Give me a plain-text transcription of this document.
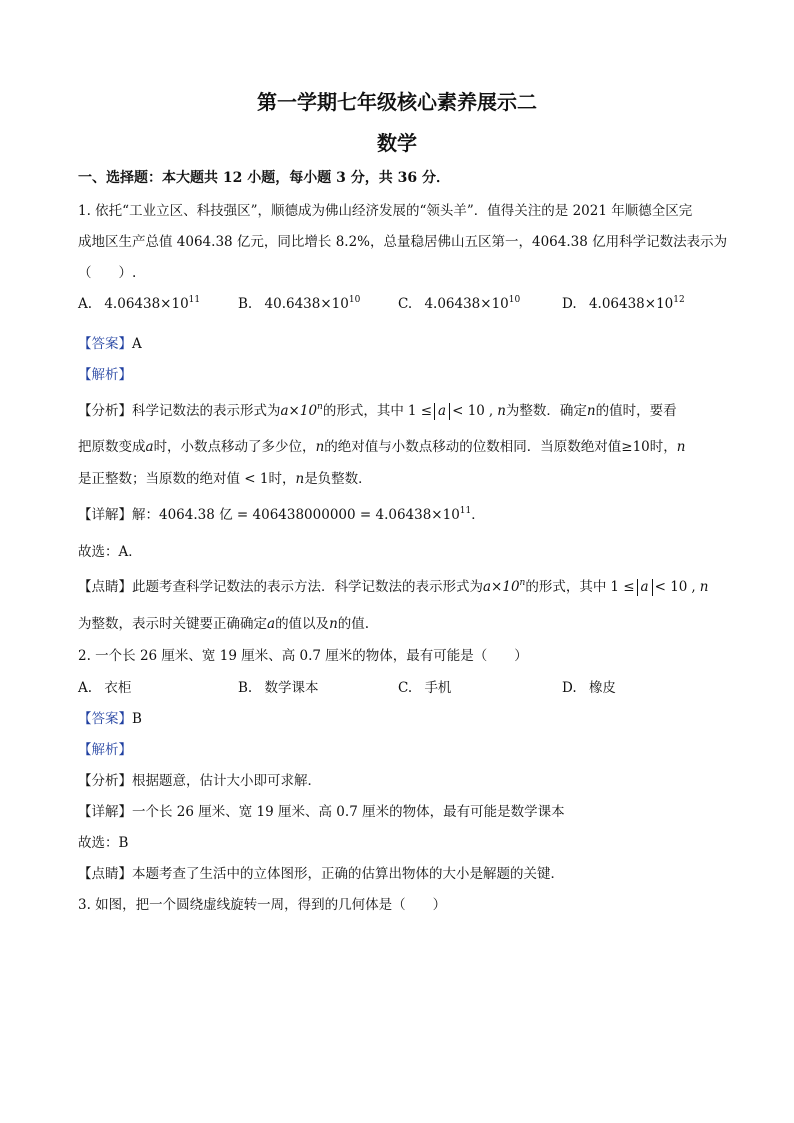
第一学期七年级核心素养展示二
数学
一、选择题：本大题共 12 小题，每小题 3 分，共 36 分．
1. 依托“工业立区、科技强区”，顺德成为佛山经济发展的“领头羊”．值得关注的是 2021 年顺德全区完
成地区生产总值 4064.38 亿元，同比增长 8.2%，总量稳居佛山五区第一，4064.38 亿用科学记数法表示为
（　　）.
A. $4.06438\times 10^{11}$	B. $40.6438\times 10^{10}$	C. $4.06438\times 10^{10}$	D. $4.06438\times 10^{12}$
【答案】A
【解析】
【分析】科学记数法的表示形式为$a\times 10^n$的形式，其中 1 ≤ a < 10 , n为整数．确定n的值时，要看
把原数变成a时，小数点移动了多少位，n的绝对值与小数点移动的位数相同．当原数绝对值≥10时，n
是正整数；当原数的绝对值 < 1时，n是负整数．
【详解】解：4064.38 亿 = $406438000000 = 4.06438\times 10^{11}$．
故选：A．
【点睛】此题考查科学记数法的表示方法．科学记数法的表示形式为$a\times 10^n$的形式，其中 1 ≤ a < 10 , n
为整数，表示时关键要正确确定a的值以及n的值.
2. 一个长 26 厘米、宽 19 厘米、高 0.7 厘米的物体，最有可能是（　　）
A. 衣柜	B. 数学课本	C. 手机	D. 橡皮
【答案】B
【解析】
【分析】根据题意，估计大小即可求解．
【详解】一个长 26 厘米、宽 19 厘米、高 0.7 厘米的物体，最有可能是数学课本
故选：B
【点睛】本题考查了生活中的立体图形，正确的估算出物体的大小是解题的关键．
3. 如图，把一个圆绕虚线旋转一周，得到的几何体是（　　）
